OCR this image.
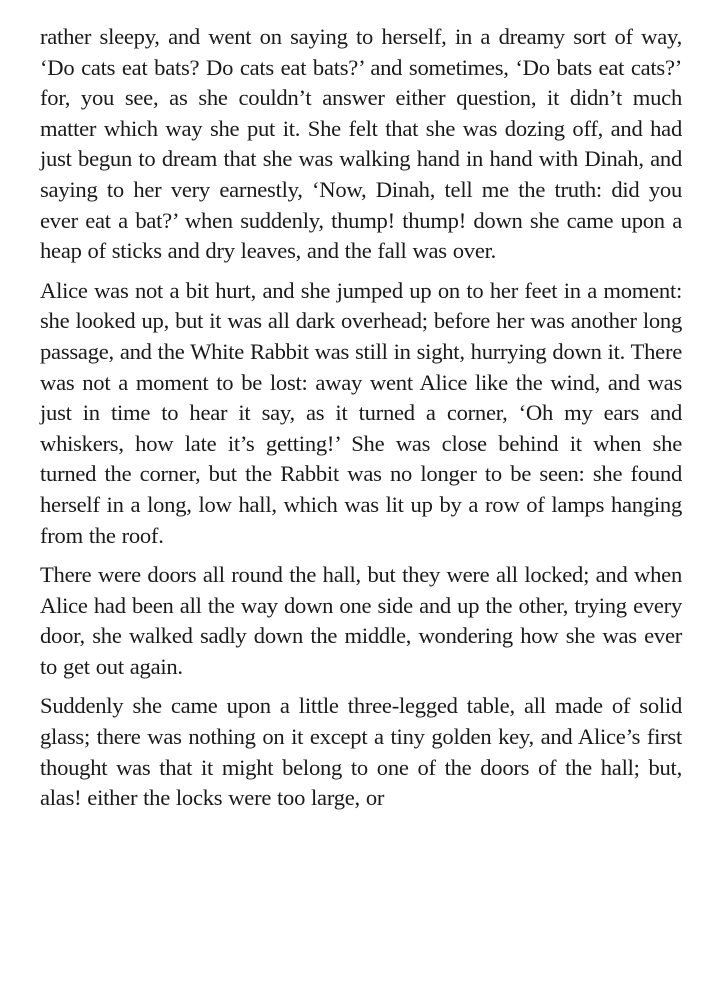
rather sleepy, and went on saying to herself, in a dreamy sort of way, ‘Do cats eat bats? Do cats eat bats?’ and sometimes, ‘Do bats eat cats?’ for, you see, as she couldn’t answer either question, it didn’t much matter which way she put it. She felt that she was dozing off, and had just begun to dream that she was walking hand in hand with Dinah, and saying to her very earnestly, ‘Now, Dinah, tell me the truth: did you ever eat a bat?’ when suddenly, thump! thump! down she came upon a heap of sticks and dry leaves, and the fall was over.

Alice was not a bit hurt, and she jumped up on to her feet in a moment: she looked up, but it was all dark overhead; before her was another long passage, and the White Rabbit was still in sight, hurrying down it. There was not a moment to be lost: away went Alice like the wind, and was just in time to hear it say, as it turned a corner, ‘Oh my ears and whiskers, how late it’s getting!’ She was close behind it when she turned the corner, but the Rabbit was no longer to be seen: she found herself in a long, low hall, which was lit up by a row of lamps hanging from the roof.

There were doors all round the hall, but they were all locked; and when Alice had been all the way down one side and up the other, trying every door, she walked sadly down the middle, wondering how she was ever to get out again.

Suddenly she came upon a little three-legged table, all made of solid glass; there was nothing on it except a tiny golden key, and Alice’s first thought was that it might belong to one of the doors of the hall; but, alas! either the locks were too large, or
